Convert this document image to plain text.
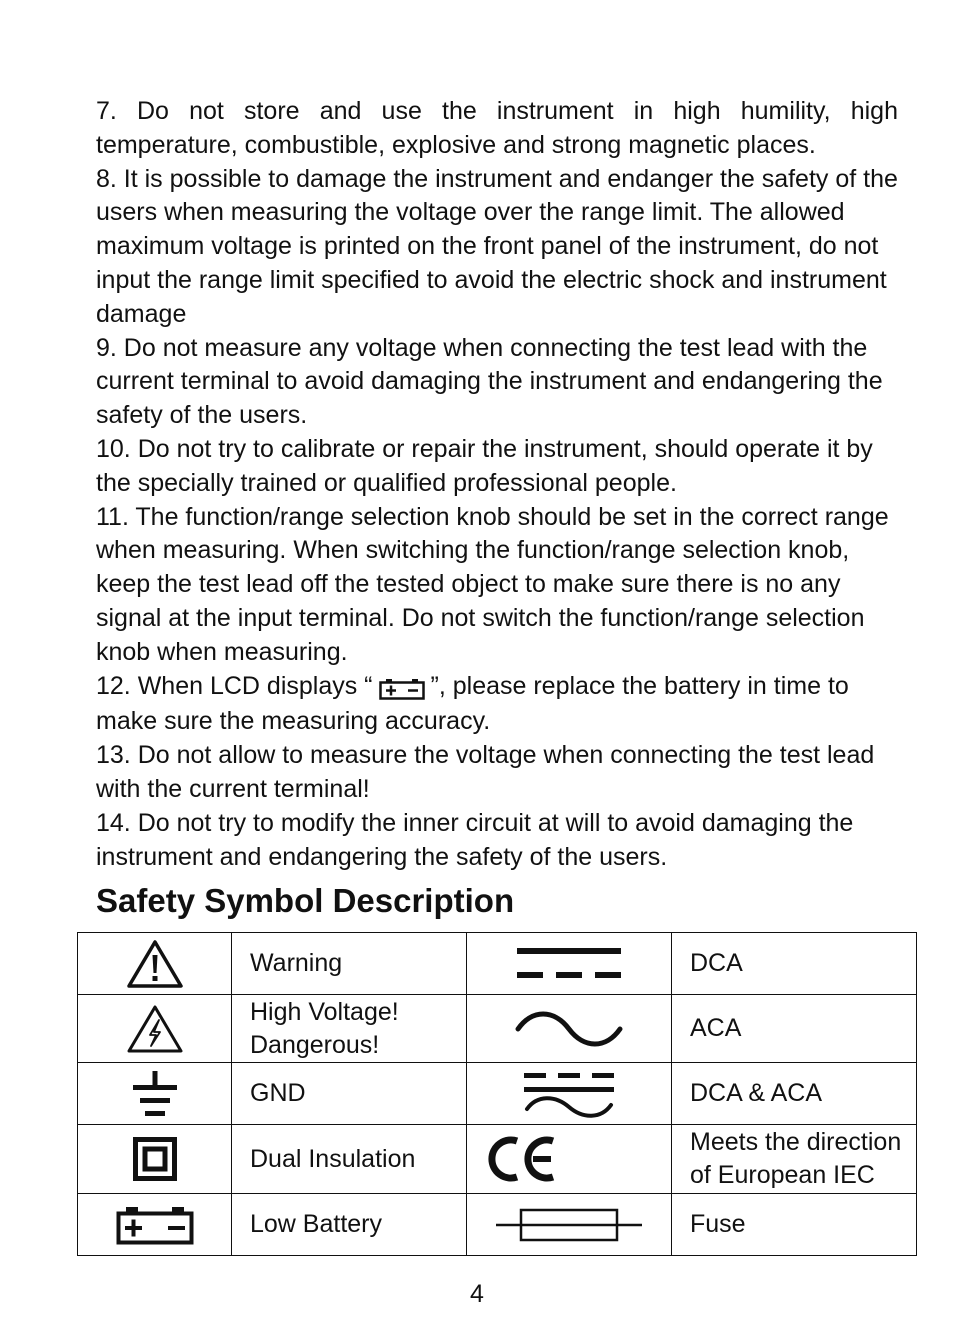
7. Do not store and use the instrument in high humility, high
temperature, combustible, explosive and strong magnetic places.

8. It is possible to damage the instrument and endanger the safety of the users when measuring the voltage over the range limit. The allowed maximum voltage is printed on the front panel of the instrument, do not input the range limit specified to avoid the electric shock and instrument damage

9. Do not measure any voltage when connecting the test lead with the current terminal to avoid damaging the instrument and endangering the safety of the users.

10. Do not try to calibrate or repair the instrument, should operate it by the specially trained or qualified professional people.

11. The function/range selection knob should be set in the correct range when measuring. When switching the function/range selection knob, keep the test lead off the tested object to make sure there is no any signal at the input terminal. Do not switch the function/range selection knob when measuring.

12. When LCD displays “ ”, please replace the battery in time to make sure the measuring accuracy.

13. Do not allow to measure the voltage when connecting the test lead with the current terminal!

14. Do not try to modify the inner circuit at will to avoid damaging the instrument and endangering the safety of the users.

Safety Symbol Description
	Warning		DCA
	High Voltage! Dangerous!		ACA
	GND		DCA & ACA
	Dual Insulation		Meets the direction of European IEC
	Low Battery		Fuse
4
